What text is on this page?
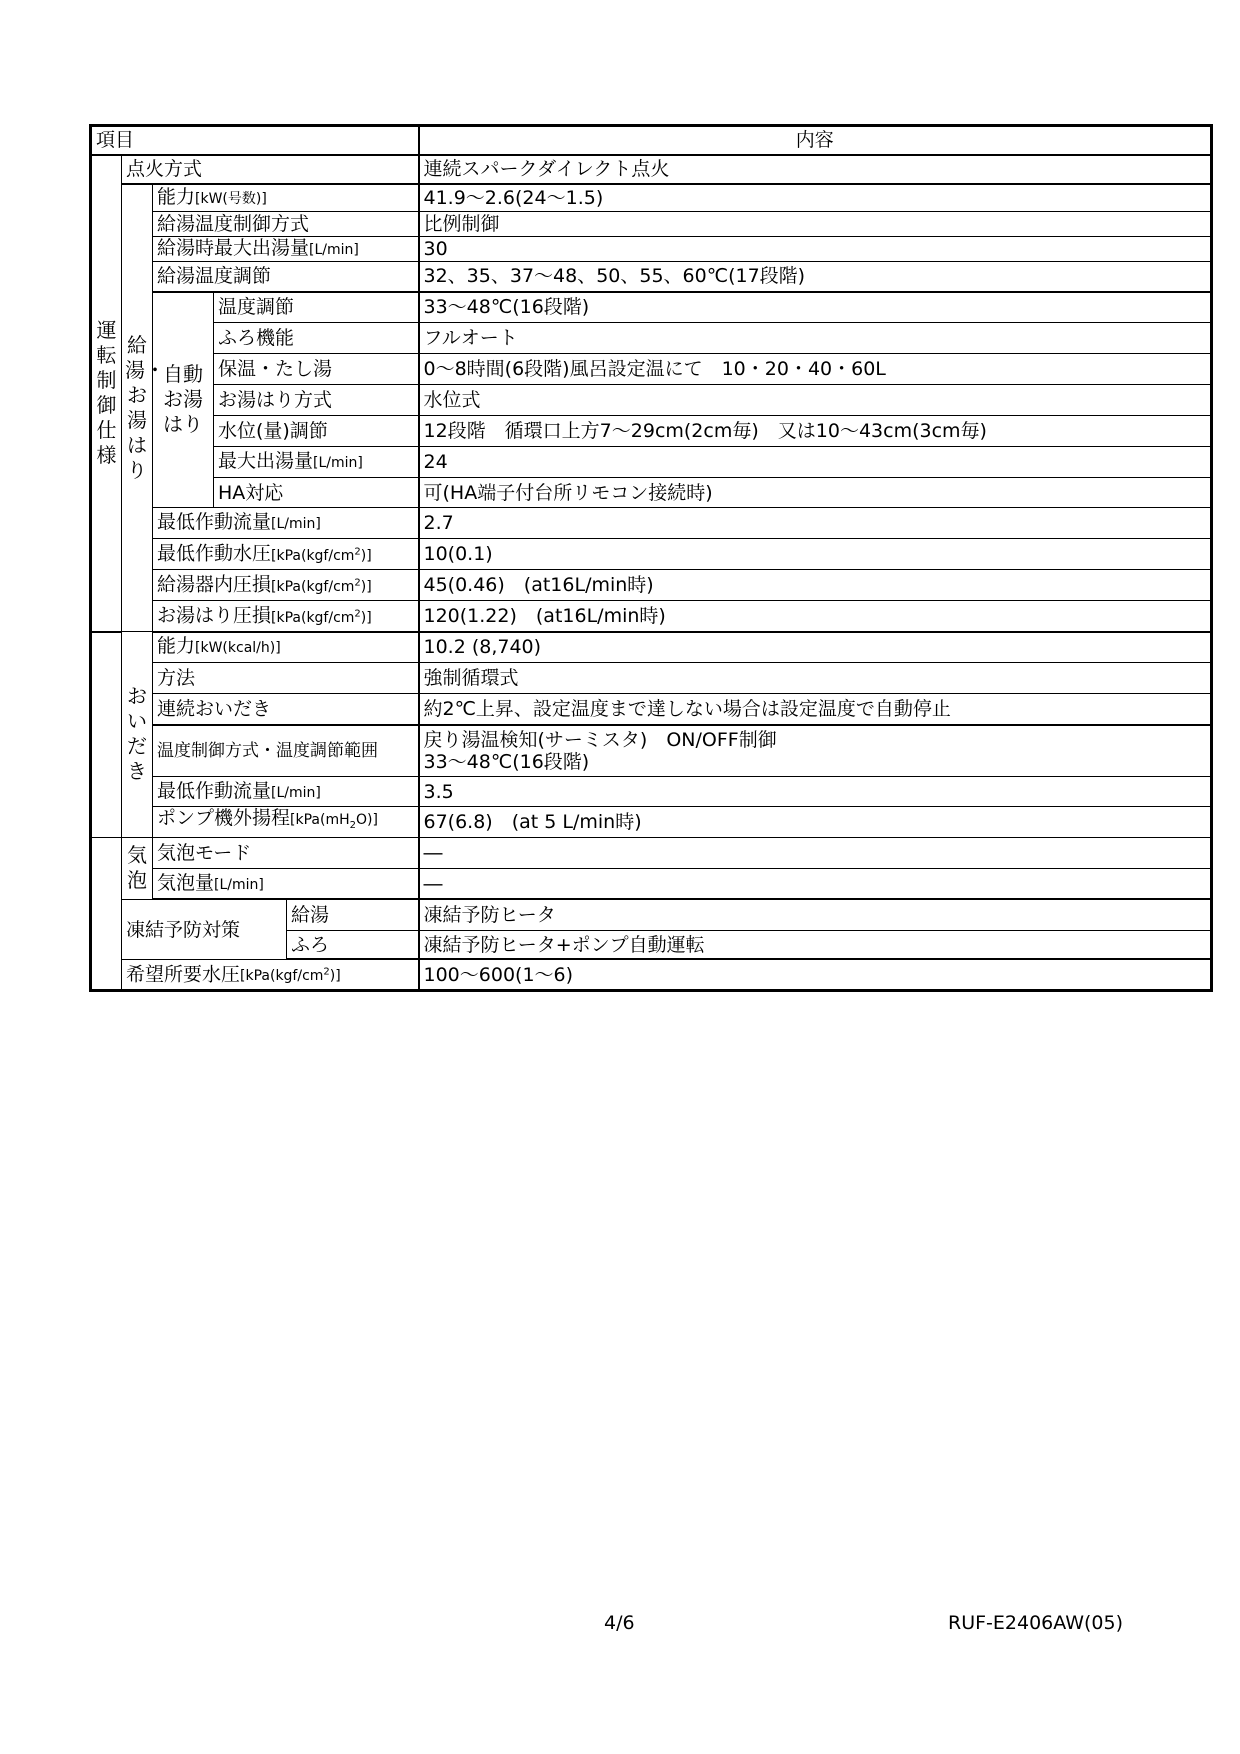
項目					内容

運転制御仕様	点火方式				連続スパークダイレクト点火

	給湯・お湯はり	能力[kW(号数)]			41.9～2.6(24～1.5)
		給湯温度制御方式			比例制御
		給湯時最大出湯量[L/min]			30
		給湯温度調節			32、35、37～48、50、55、60℃(17段階)

		自動お湯はり	温度調節		33～48℃(16段階)
			ふろ機能		フルオート
			保温・たし湯		0～8時間(6段階)風呂設定温にて　10・20・40・60L
			お湯はり方式		水位式
			水位(量)調節		12段階　循環口上方7～29cm(2cm毎)　又は10～43cm(3cm毎)
			最大出湯量[L/min]		24
			HA対応		可(HA端子付台所リモコン接続時)
		最低作動流量[L/min]			2.7
		最低作動水圧$[kPa(kgf/cm^2)]$			10(0.1)
		給湯器内圧損$[kPa(kgf/cm^2)]$			45(0.46)　(at16L/min時)
		お湯はり圧損$[kPa(kgf/cm^2)]$			120(1.22)　(at16L/min時)

	おいだき	能力[kW(kcal/h)]			10.2 (8,740)
		方法			強制循環式
		連続おいだき			約2℃上昇、設定温度まで達しない場合は設定温度で自動停止
		温度制御方式・温度調節範囲			戻り湯温検知(サーミスタ)　ON/OFF制御
33～48℃(16段階)

		最低作動流量[L/min]			3.5
		ポンプ機外揚程$[kPa(mH_2O)]$			67(6.8)　(at 5 L/min時)

	気泡	気泡モード			―
		気泡量[L/min]			―
	凍結予防対策			給湯	凍結予防ヒータ
				ふろ	凍結予防ヒータ+ポンプ自動運転
	希望所要水圧$[kPa(kgf/cm^2)]$				100～600(1～6)
4/6	RUF-E2406AW(05)
